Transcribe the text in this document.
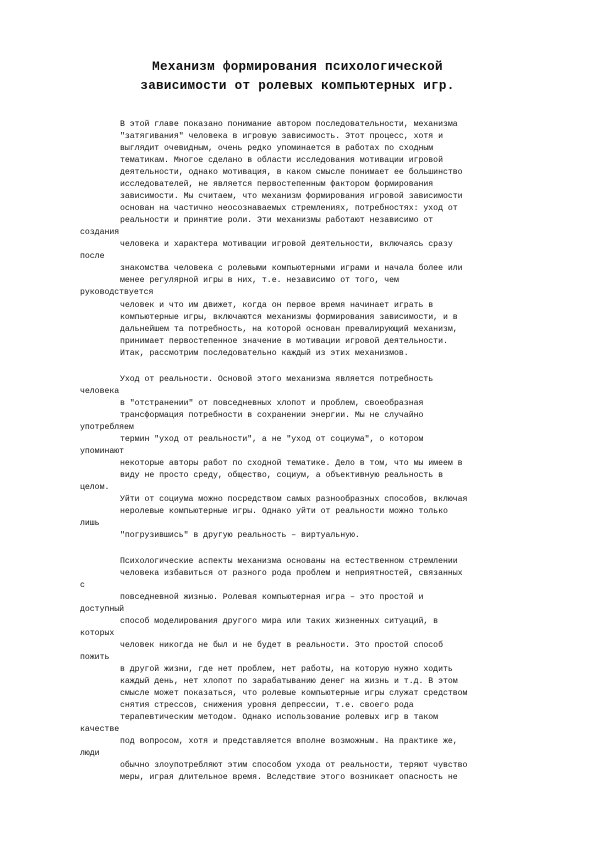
Механизм формирования психологической
зависимости от ролевых компьютерных игр.
В этой главе показано понимание автором последовательности, механизма
"затягивания" человека в игровую зависимость. Этот процесс, хотя и
выглядит очевидным, очень редко упоминается в работах по сходным
тематикам. Многое сделано в области исследования мотивации игровой
деятельности, однако мотивация, в каком смысле понимает ее большинство
исследователей, не является первостепенным фактором формирования
зависимости. Мы считаем, что механизм формирования игровой зависимости
основан на частично неосознаваемых стремлениях, потребностях: уход от
реальности и принятие роли. Эти механизмы работают независимо от
создания
человека и характера мотивации игровой деятельности, включаясь сразу
после
знакомства человека с ролевыми компьютерными играми и начала более или
менее регулярной игры в них, т.е. независимо от того, чем
руководствуется
человек и что им движет, когда он первое время начинает играть в
компьютерные игры, включаются механизмы формирования зависимости, и в
дальнейшем та потребность, на которой основан превалирующий механизм,
принимает первостепенное значение в мотивации игровой деятельности.
Итак, рассмотрим последовательно каждый из этих механизмов.
Уход от реальности. Основой этого механизма является потребность
человека
в "отстранении" от повседневных хлопот и проблем, своеобразная
трансформация потребности в сохранении энергии. Мы не случайно
употребляем
термин "уход от реальности", а не "уход от социума", о котором
упоминают
некоторые авторы работ по сходной тематике. Дело в том, что мы имеем в
виду не просто среду, общество, социум, а объективную реальность в
целом.
Уйти от социума можно посредством самых разнообразных способов, включая
неролевые компьютерные игры. Однако уйти от реальности можно только
лишь
"погрузившись" в другую реальность – виртуальную.
Психологические аспекты механизма основаны на естественном стремлении
человека избавиться от разного рода проблем и неприятностей, связанных
с
повседневной жизнью. Ролевая компьютерная игра – это простой и
доступный
способ моделирования другого мира или таких жизненных ситуаций, в
которых
человек никогда не был и не будет в реальности. Это простой способ
пожить
в другой жизни, где нет проблем, нет работы, на которую нужно ходить
каждый день, нет хлопот по зарабатыванию денег на жизнь и т.д. В этом
смысле может показаться, что ролевые компьютерные игры служат средством
снятия стрессов, снижения уровня депрессии, т.е. своего рода
терапевтическим методом. Однако использование ролевых игр в таком
качестве
под вопросом, хотя и представляется вполне возможным. На практике же,
люди
обычно злоупотребляют этим способом ухода от реальности, теряют чувство
меры, играя длительное время. Вследствие этого возникает опасность не
